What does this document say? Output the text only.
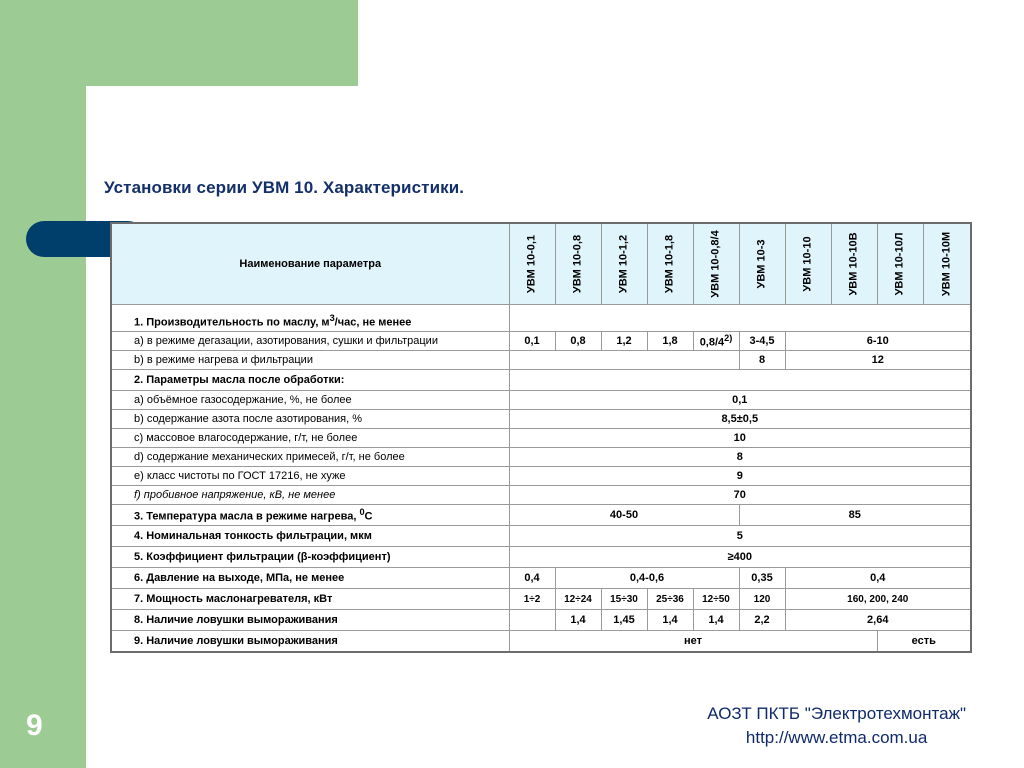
Установки серии УВМ 10. Характеристики.
Наименование параметра	УВМ 10-0,1	УВМ 10-0,8	УВМ 10-1,2	УВМ 10-1,8	УВМ 10-0,8/4	УВМ 10-3	УВМ 10-10	УВМ 10-10В	УВМ 10-10Л	УВМ 10-10М

1. Производительность по маслу, $м^3$/час, не менее										
а) в режиме дегазации, азотирования, сушки и фильтрации	0,1	0,8	1,2	1,8	0,8/4$^{2)}$	3-4,5	6-10			
b) в режиме нагрева и фильтрации						8	12			
2. Параметры масла после обработки:										
а) объёмное газосодержание, %, не более	0,1									
b) содержание азота после азотирования, %	8,5±0,5									
c) массовое влагосодержание, г/т, не более	10									
d) содержание механических примесей, г/т, не более	8									
e) класс чистоты по ГОСТ 17216, не хуже	9									
f) пробивное напряжение, кВ, не менее	70									
3. Температура масла в режиме нагрева, $^0$С	40-50					85				
4. Номинальная тонкость фильтрации, мкм	5									
5. Коэффициент фильтрации (β-коэффициент)	≥400									
6. Давление на выходе, МПа, не менее	0,4	0,4-0,6				0,35	0,4			
7. Мощность маслонагревателя, кВт	1÷2	12÷24	15÷30	25÷36	12÷50	120	160, 200, 240			
8. Наличие ловушки вымораживания		1,4	1,45	1,4	1,4	2,2	2,64			
9. Наличие ловушки вымораживания	нет								есть	
9	АОЗТ ПКТБ "Электротехмонтаж"
http://www.etma.com.ua
